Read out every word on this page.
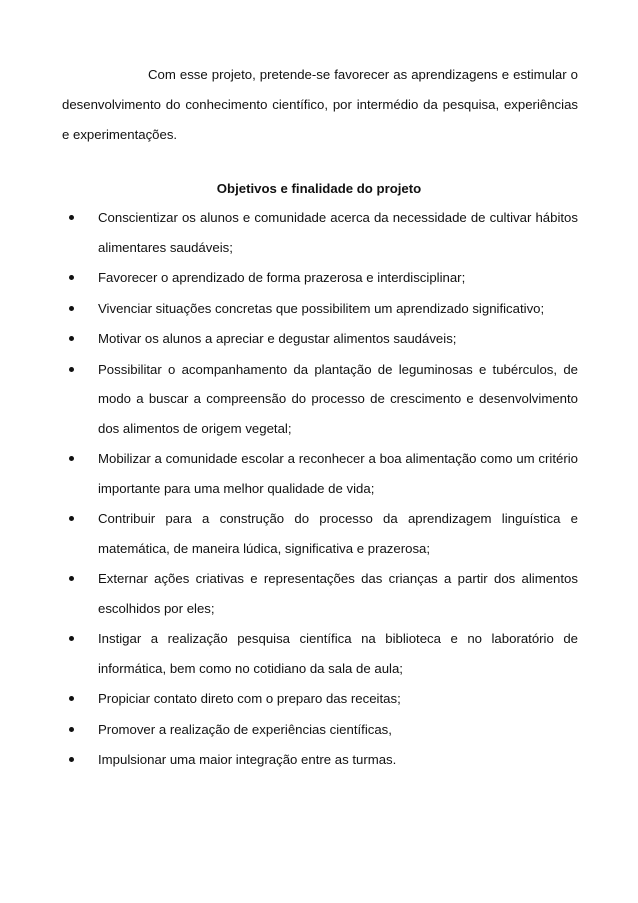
Com esse projeto, pretende-se favorecer as aprendizagens e estimular o desenvolvimento do conhecimento científico, por intermédio da pesquisa, experiências e experimentações.

Objetivos e finalidade do projeto

Conscientizar os alunos e comunidade acerca da necessidade de cultivar hábitos alimentares saudáveis;
Favorecer o aprendizado de forma prazerosa e interdisciplinar;
Vivenciar situações concretas que possibilitem um aprendizado significativo;
Motivar os alunos a apreciar e degustar alimentos saudáveis;
Possibilitar o acompanhamento da plantação de leguminosas e tubérculos, de modo a buscar a compreensão do processo de crescimento e desenvolvimento dos alimentos de origem vegetal;
Mobilizar a comunidade escolar a reconhecer a boa alimentação como um critério importante para uma melhor qualidade de vida;
Contribuir para a construção do processo da aprendizagem linguística e matemática, de maneira lúdica, significativa e prazerosa;
Externar ações criativas e representações das crianças a partir dos alimentos escolhidos por eles;
Instigar a realização pesquisa científica na biblioteca e no laboratório de informática, bem como no cotidiano da sala de aula;
Propiciar contato direto com o preparo das receitas;
Promover a realização de experiências científicas,
Impulsionar uma maior integração entre as turmas.
